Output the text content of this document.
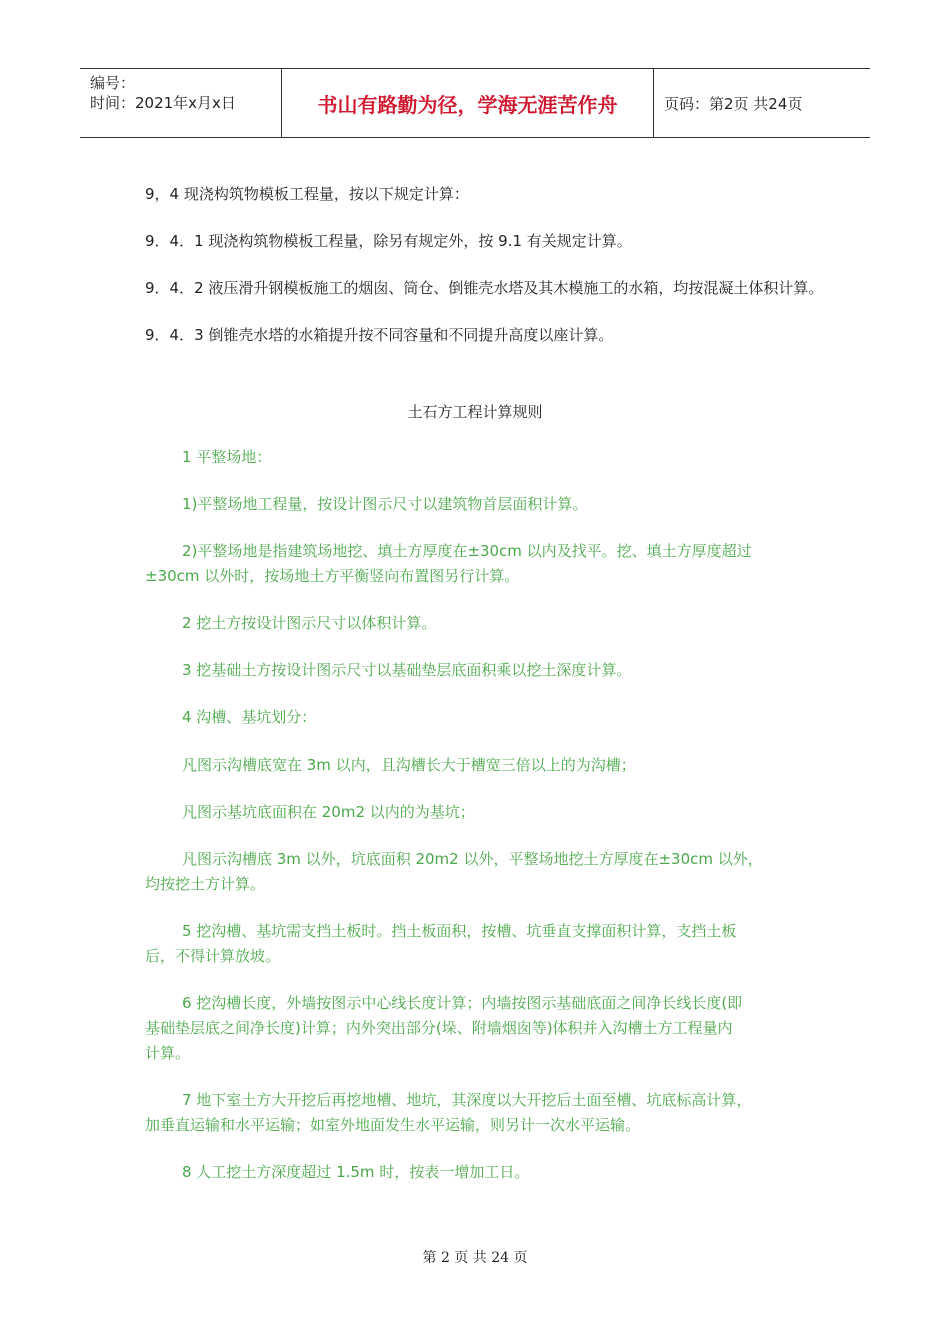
编号：
时间：2021年x月x日	书山有路勤为径，学海无涯苦作舟	页码：第2页 共24页
9，4 现浇构筑物模板工程量，按以下规定计算：
9．4．1 现浇构筑物模板工程量，除另有规定外，按 9.1 有关规定计算。
9．4．2 液压滑升钢模板施工的烟囱、筒仓、倒锥壳水塔及其木模施工的水箱，均按混凝土体积计算。
9．4．3 倒锥壳水塔的水箱提升按不同容量和不同提升高度以座计算。
土石方工程计算规则
1 平整场地：
1)平整场地工程量，按设计图示尺寸以建筑物首层面积计算。
2)平整场地是指建筑场地挖、填土方厚度在±30cm 以内及找平。挖、填土方厚度超过
±30cm 以外时，按场地土方平衡竖向布置图另行计算。
2 挖土方按设计图示尺寸以体积计算。
3 挖基础土方按设计图示尺寸以基础垫层底面积乘以挖土深度计算。
4 沟槽、基坑划分：
凡图示沟槽底宽在 3m 以内，且沟槽长大于槽宽三倍以上的为沟槽；
凡图示基坑底面积在 20m2 以内的为基坑；
凡图示沟槽底 3m 以外，坑底面积 20m2 以外，平整场地挖土方厚度在±30cm 以外，
均按挖土方计算。
5 挖沟槽、基坑需支挡土板时。挡土板面积，按槽、坑垂直支撑面积计算，支挡土板
后，不得计算放坡。
6 挖沟槽长度，外墙按图示中心线长度计算；内墙按图示基础底面之间净长线长度(即
基础垫层底之间净长度)计算；内外突出部分(垛、附墙烟囱等)体积并入沟槽土方工程量内
计算。
7 地下室土方大开挖后再挖地槽、地坑，其深度以大开挖后土面至槽、坑底标高计算，
加垂直运输和水平运输；如室外地面发生水平运输，则另计一次水平运输。
8 人工挖土方深度超过 1.5m 时，按表一增加工日。
第 2 页 共 24 页
